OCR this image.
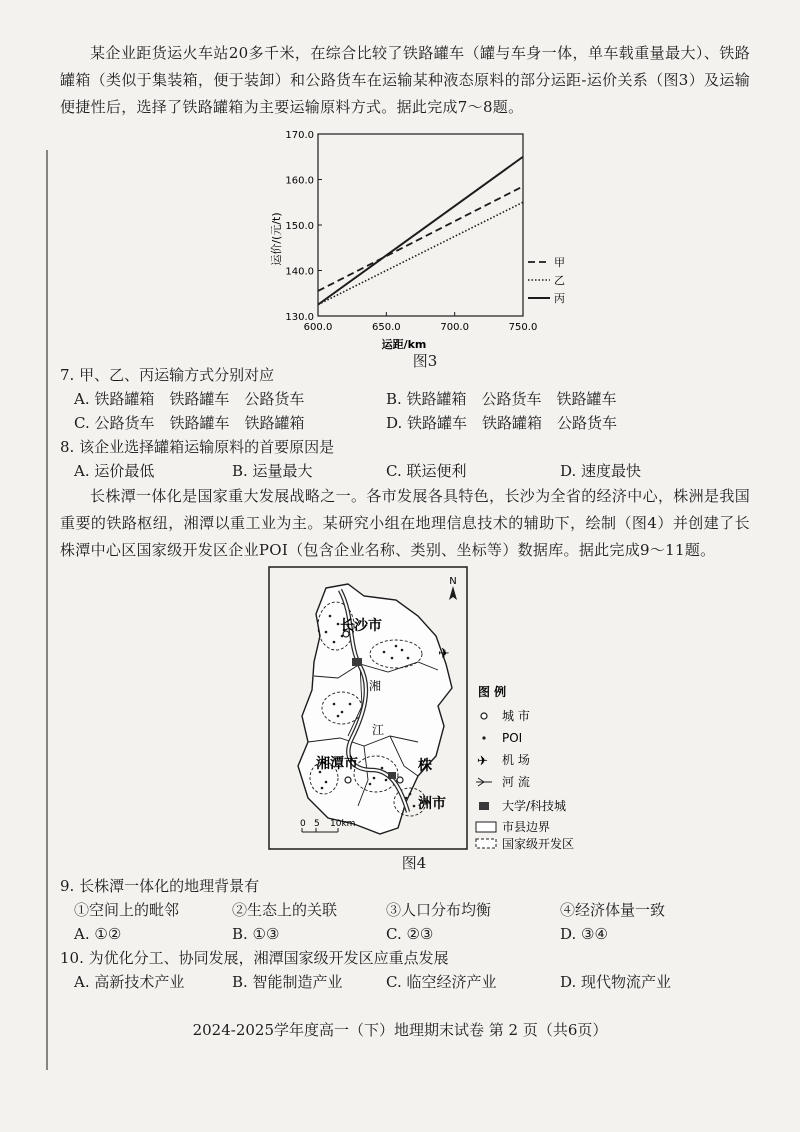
某企业距货运火车站20多千米，在综合比较了铁路罐车（罐与车身一体，单车载重量最大）、铁路罐箱（类似于集装箱，便于装卸）和公路货车在运输某种液态原料的部分运距-运价关系（图3）及运输便捷性后，选择了铁路罐箱为主要运输原料方式。据此完成7～8题。

130.0
140.0
150.0
160.0
170.0
600.0	650.0	700.0	750.0
甲
乙
丙
运价/(元/t)
运距/km
图3
7. 甲、乙、丙运输方式分别对应
A. 铁路罐箱　铁路罐车　公路货车	B. 铁路罐箱　公路货车　铁路罐车
C. 公路货车　铁路罐车　铁路罐箱	D. 铁路罐车　铁路罐箱　公路货车
8. 该企业选择罐箱运输原料的首要原因是
A. 运价最低	B. 运量最大	C. 联运便利	D. 速度最快

长株潭一体化是国家重大发展战略之一。各市发展各具特色，长沙为全省的经济中心，株洲是我国重要的铁路枢纽，湘潭以重工业为主。某研究小组在地理信息技术的辅助下，绘制（图4）并创建了长株潭中心区国家级开发区企业POI（包含企业名称、类别、坐标等）数据库。据此完成9～11题。

N
湘
江
✈
长沙市
湘潭市	株
洲市
0 5 10km
图 例
城 市
POI
✈ 机 场
河 流
大学/科技城
市县边界
国家级开发区
图4
9. 长株潭一体化的地理背景有
①空间上的毗邻	②生态上的关联	③人口分布均衡	④经济体量一致
A. ①②	B. ①③	C. ②③	D. ③④
10. 为优化分工、协同发展，湘潭国家级开发区应重点发展
A. 高新技术产业	B. 智能制造产业	C. 临空经济产业	D. 现代物流产业
2024-2025学年度高一（下）地理期末试卷 第 2 页（共6页）
